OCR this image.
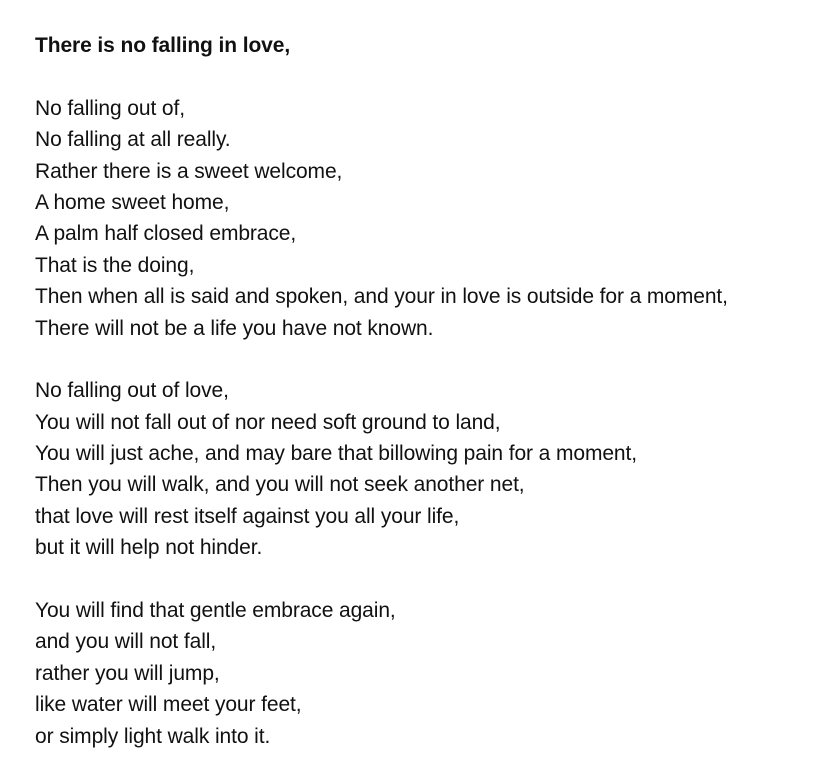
There is no falling in love,
No falling out of,
No falling at all really.
Rather there is a sweet welcome,
A home sweet home,
A palm half closed embrace,
That is the doing,
Then when all is said and spoken, and your in love is outside for a moment,
There will not be a life you have not known.
No falling out of love,
You will not fall out of nor need soft ground to land,
You will just ache, and may bare that billowing pain for a moment,
Then you will walk, and you will not seek another net,
that love will rest itself against you all your life,
but it will help not hinder.
You will find that gentle embrace again,
and you will not fall,
rather you will jump,
like water will meet your feet,
or simply light walk into it.
